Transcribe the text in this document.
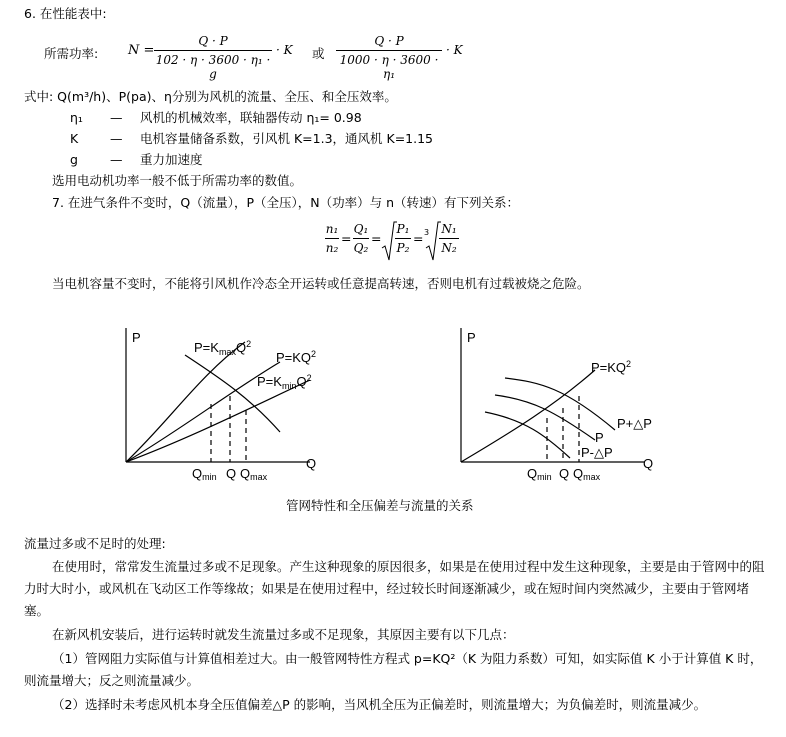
6. 在性能表中:
所需功率: N =
Q · P
102 · η · 3600 · η₁ · g
· K 或
Q · P
1000 · η · 3600 · η₁
· K
式中: Q(m³/h)、P(pa)、η分别为风机的流量、全压、和全压效率。
η₁ — 风机的机械效率，联轴器传动 η₁= 0.98
K	— 电机容量储备系数，引风机 K=1.3，通风机 K=1.15
g	— 重力加速度
选用电动机功率一般不低于所需功率的数值。
7. 在进气条件不变时，Q（流量），P（全压），N（功率）与 n（转速）有下列关系：
n₁
n₂
=
Q₁
Q₂
=
P₁
P₂
= 3 N₁
N₂
当电机容量不变时，不能将引风机作冷态全开运转或任意提高转速，否则电机有过载被烧之危险。
P
Q
$P=K_{max}Q^2$
$P=KQ^2$
$P=K_{min}Q^2$
Qmin Q Qmax
P
Q
$P=KQ^2$
P+△P
P
P-△P
Qmin Q Qmax
管网特性和全压偏差与流量的关系
流量过多或不足时的处理:
在使用时，常常发生流量过多或不足现象。产生这种现象的原因很多，如果是在使用过程中发生这种现象，主要是由于管网中的阻力时大时小，或风机在飞动区工作等缘故；如果是在使用过程中，经过较长时间逐渐减少，或在短时间内突然减少，主要由于管网堵塞。
在新风机安装后，进行运转时就发生流量过多或不足现象，其原因主要有以下几点：
（1）管网阻力实际值与计算值相差过大。由一般管网特性方程式 p=KQ²（K 为阻力系数）可知，如实际值 K 小于计算值 K 时，则流量增大；反之则流量减少。
（2）选择时未考虑风机本身全压值偏差△P 的影响，当风机全压为正偏差时，则流量增大；为负偏差时，则流量减少。
